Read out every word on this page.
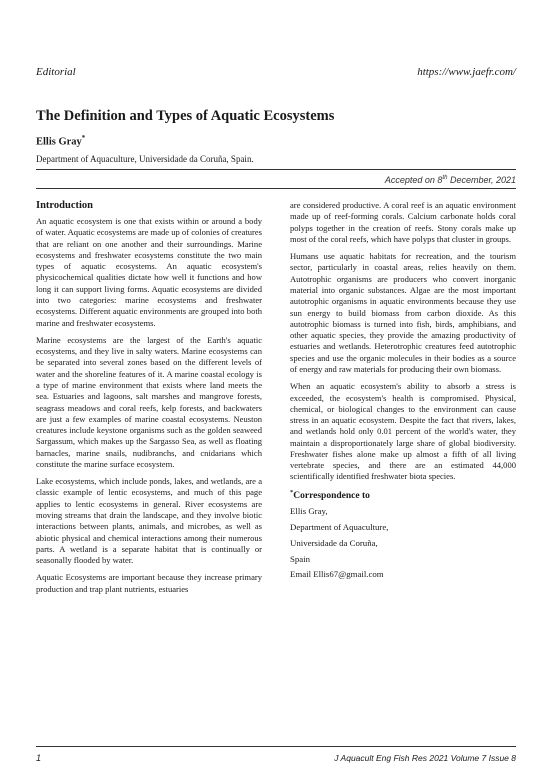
Editorial	https://www.jaefr.com/
The Definition and Types of Aquatic Ecosystems
Ellis Gray*
Department of Aquaculture, Universidade da Coruña, Spain.
Accepted on 8th December, 2021
Introduction

An aquatic ecosystem is one that exists within or around a body of water. Aquatic ecosystems are made up of colonies of creatures that are reliant on one another and their surroundings. Marine ecosystems and freshwater ecosystems constitute the two main types of aquatic ecosystems. An aquatic ecosystem's physicochemical qualities dictate how well it functions and how long it can support living forms. Aquatic ecosystems are divided into two categories: marine ecosystems and freshwater ecosystems. Different aquatic environments are grouped into both marine and freshwater ecosystems.

Marine ecosystems are the largest of the Earth's aquatic ecosystems, and they live in salty waters. Marine ecosystems can be separated into several zones based on the different levels of water and the shoreline features of it. A marine coastal ecology is a type of marine environment that exists where land meets the sea. Estuaries and lagoons, salt marshes and mangrove forests, seagrass meadows and coral reefs, kelp forests, and backwaters are just a few examples of marine coastal ecosystems. Neuston creatures include keystone organisms such as the golden seaweed Sargassum, which makes up the Sargasso Sea, as well as floating barnacles, marine snails, nudibranchs, and cnidarians which constitute the marine surface ecosystem.

Lake ecosystems, which include ponds, lakes, and wetlands, are a classic example of lentic ecosystems, and much of this page applies to lentic ecosystems in general. River ecosystems are moving streams that drain the landscape, and they involve biotic interactions between plants, animals, and microbes, as well as abiotic physical and chemical interactions among their numerous parts. A wetland is a separate habitat that is continually or seasonally flooded by water.

Aquatic Ecosystems are important because they increase primary production and trap plant nutrients, estuaries

are considered productive. A coral reef is an aquatic environment made up of reef-forming corals. Calcium carbonate holds coral polyps together in the creation of reefs. Stony corals make up most of the coral reefs, which have polyps that cluster in groups.

Humans use aquatic habitats for recreation, and the tourism sector, particularly in coastal areas, relies heavily on them. Autotrophic organisms are producers who convert inorganic material into organic substances. Algae are the most important autotrophic organisms in aquatic environments because they use sun energy to build biomass from carbon dioxide. As this autotrophic biomass is turned into fish, birds, amphibians, and other aquatic species, they provide the amazing productivity of estuaries and wetlands. Heterotrophic creatures feed autotrophic species and use the organic molecules in their bodies as a source of energy and raw materials for producing their own biomass.

When an aquatic ecosystem's ability to absorb a stress is exceeded, the ecosystem's health is compromised. Physical, chemical, or biological changes to the environment can cause stress in an aquatic ecosystem. Despite the fact that rivers, lakes, and wetlands hold only 0.01 percent of the world's water, they maintain a disproportionately large share of global biodiversity. Freshwater fishes alone make up almost a fifth of all living vertebrate species, and there are an estimated 44,000 scientifically identified freshwater biota species.

*Correspondence to
Ellis Gray,
Department of Aquaculture,
Universidade da Coruña,
Spain
Email Ellis67@gmail.com
1	J Aquacult Eng Fish Res 2021 Volume 7 Issue 8
